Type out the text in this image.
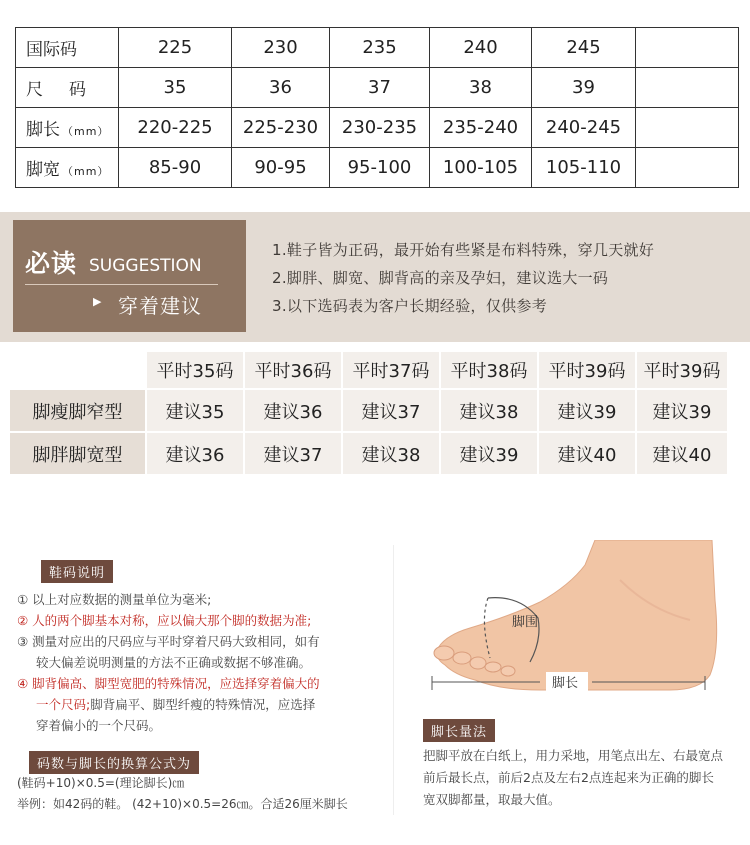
国际码	225	230	235	240	245	
尺码	35	36	37	38	39	
脚长 （mm）	220-225	225-230	230-235	235-240	240-245	
脚宽 （mm）	85-90	90-95	95-100	100-105	105-110	
必读 SUGGESTION
▶ 穿着建议
1.鞋子皆为正码，最开始有些紧是布料特殊，穿几天就好
2.脚胖、脚宽、脚背高的亲及孕妇，建议选大一码
3.以下选码表为客户长期经验，仅供参考
	平时35码	平时36码	平时37码	平时38码	平时39码	平时39码
脚瘦脚窄型	建议35	建议36	建议37	建议38	建议39	建议39
脚胖脚宽型	建议36	建议37	建议38	建议39	建议40	建议40
鞋码说明
① 以上对应数据的测量单位为毫米;
② 人的两个脚基本对称，应以偏大那个脚的数据为准;
③ 测量对应出的尺码应与平时穿着尺码大致相同，如有
较大偏差说明测量的方法不正确或数据不够准确。
④ 脚背偏高、脚型宽肥的特殊情况，应选择穿着偏大的
一个尺码;脚背扁平、脚型纤瘦的特殊情况，应选择
穿着偏小的一个尺码。
码数与脚长的换算公式为
(鞋码+10)×0.5=(理论脚长)㎝
举例：如42码的鞋。 (42+10)×0.5=26㎝。合适26厘米脚长
脚围
脚长
脚长量法
把脚平放在白纸上，用力采地，用笔点出左、右最宽点前后最长点，前后2点及左右2点连起来为正确的脚长宽双脚都量，取最大值。
